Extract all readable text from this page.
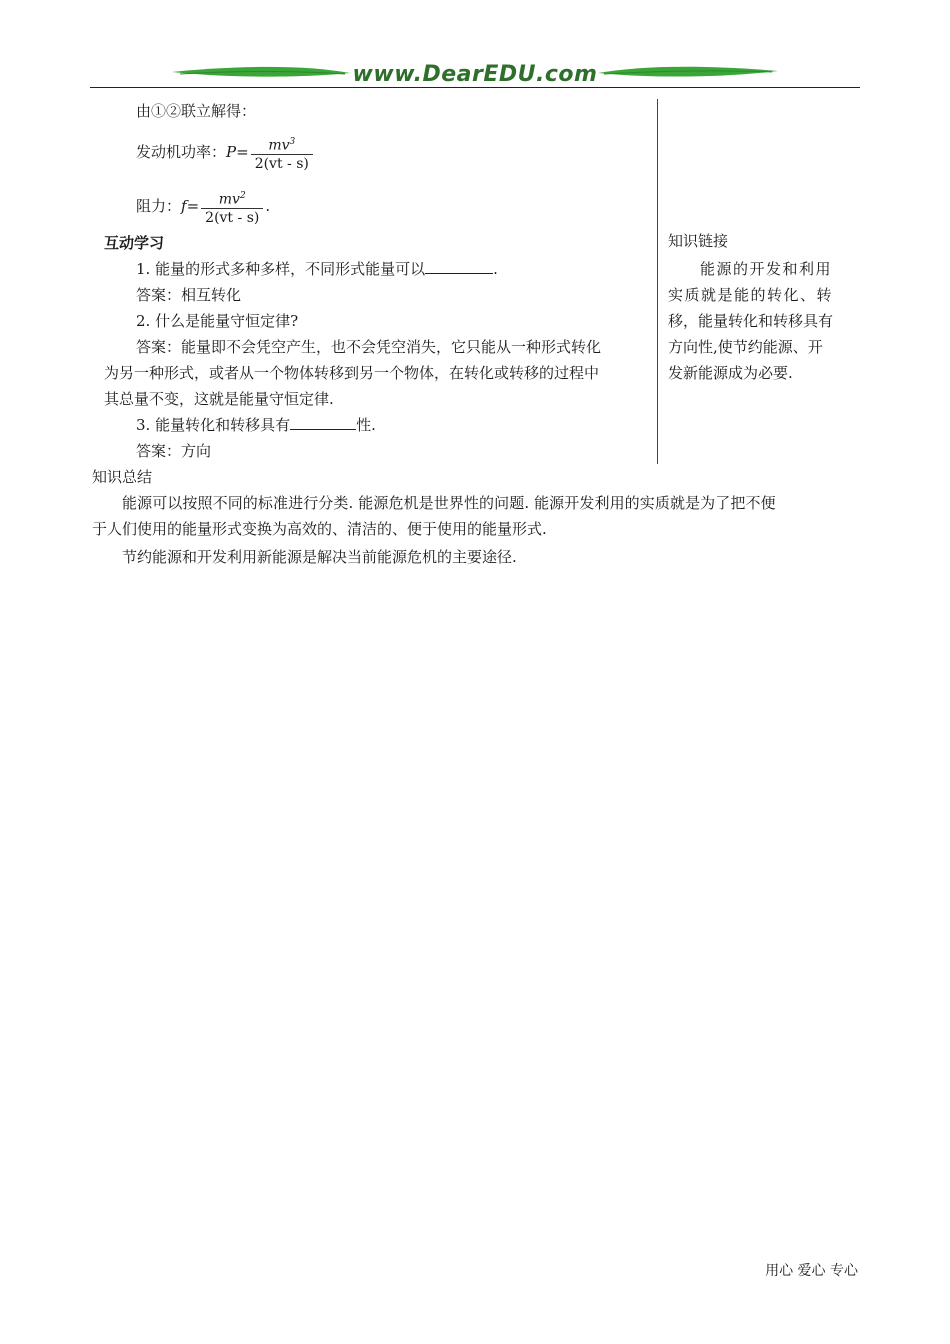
www.DearEDU.com
由①②联立解得：
发动机功率：$P= \frac{mv^3}{2(vt - s)}$
阻力：$f= \frac{mv^2}{2(vt - s)}$ .
互动学习
1. 能量的形式多种多样，不同形式能量可以	.
答案：相互转化
2. 什么是能量守恒定律?
答案：能量即不会凭空产生，也不会凭空消失，它只能从一种形式转化
为另一种形式，或者从一个物体转移到另一个物体，在转化或转移的过程中
其总量不变，这就是能量守恒定律.
3. 能量转化和转移具有	性.
答案：方向
知识链接
能源的开发和利用
实质就是能的转化、转
移，能量转化和转移具有
方向性,使节约能源、开
发新能源成为必要.
知识总结
能源可以按照不同的标准进行分类. 能源危机是世界性的问题. 能源开发利用的实质就是为了把不便
于人们使用的能量形式变换为高效的、清洁的、便于使用的能量形式.
节约能源和开发利用新能源是解决当前能源危机的主要途径.
用心 爱心 专心
